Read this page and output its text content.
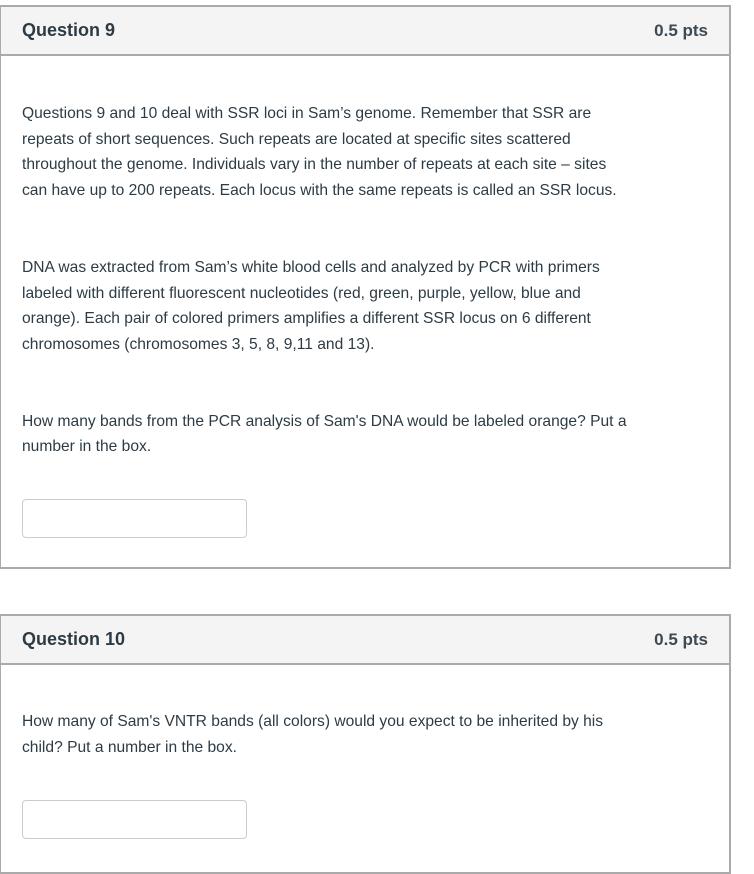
Question 9	0.5 pts
Questions 9 and 10 deal with SSR loci in Sam’s genome. Remember that SSR are
repeats of short sequences. Such repeats are located at specific sites scattered
throughout the genome. Individuals vary in the number of repeats at each site – sites
can have up to 200 repeats. Each locus with the same repeats is called an SSR locus.
DNA was extracted from Sam’s white blood cells and analyzed by PCR with primers
labeled with different fluorescent nucleotides (red, green, purple, yellow, blue and
orange). Each pair of colored primers amplifies a different SSR locus on 6 different
chromosomes (chromosomes 3, 5, 8, 9,11 and 13).
How many bands from the PCR analysis of Sam's DNA would be labeled orange? Put a
number in the box.
Question 10	0.5 pts
How many of Sam's VNTR bands (all colors) would you expect to be inherited by his
child? Put a number in the box.
